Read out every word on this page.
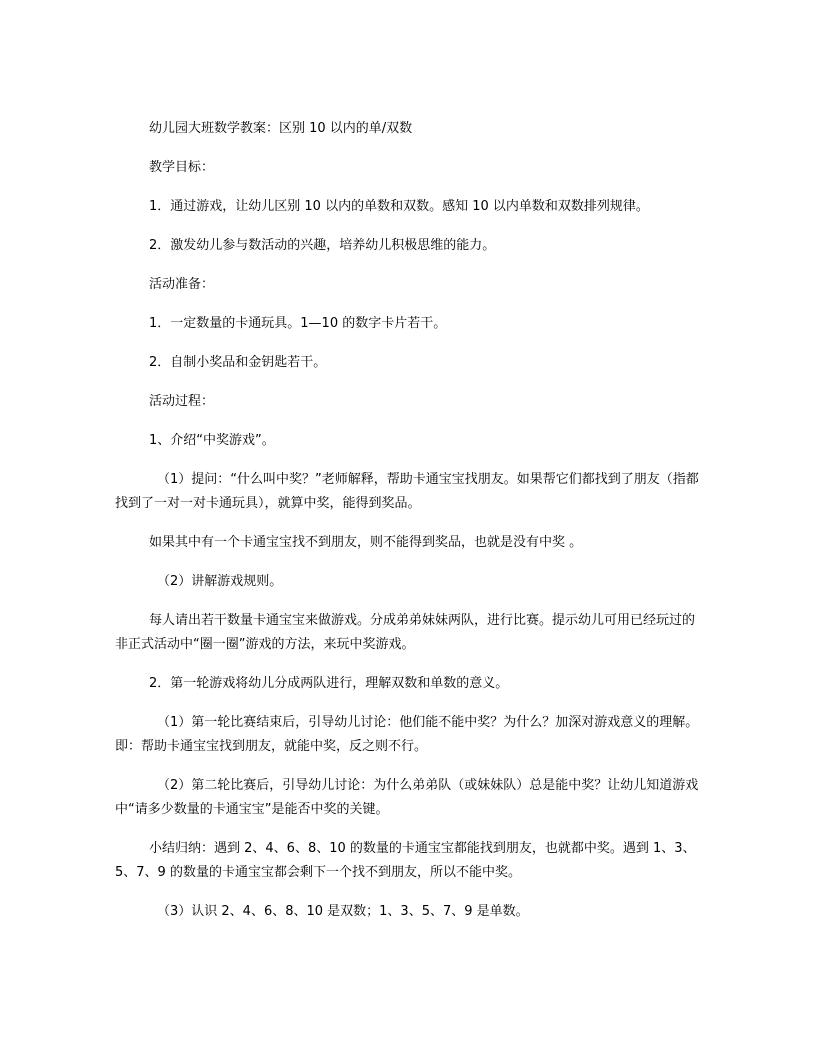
幼儿园大班数学教案：区别 10 以内的单/双数

教学目标：

1．通过游戏，让幼儿区别 10 以内的单数和双数。感知 10 以内单数和双数排列规律。

2．激发幼儿参与数活动的兴趣，培养幼儿积极思维的能力。

活动准备：

1．一定数量的卡通玩具。1—10 的数字卡片若干。

2．自制小奖品和金钥匙若干。

活动过程：

1、介绍“中奖游戏”。

（1）提问：“什么叫中奖？”老师解释，帮助卡通宝宝找朋友。如果帮它们都找到了朋友（指都找到了一对一对卡通玩具），就算中奖，能得到奖品。

如果其中有一个卡通宝宝找不到朋友，则不能得到奖品，也就是没有中奖 。

（2）讲解游戏规则。

每人请出若干数量卡通宝宝来做游戏。分成弟弟妹妹两队，进行比赛。提示幼儿可用已经玩过的非正式活动中“圈一圈”游戏的方法，来玩中奖游戏。

2．第一轮游戏将幼儿分成两队进行，理解双数和单数的意义。

（1）第一轮比赛结束后，引导幼儿讨论：他们能不能中奖？为什么？加深对游戏意义的理解。即：帮助卡通宝宝找到朋友，就能中奖，反之则不行。

（2）第二轮比赛后，引导幼儿讨论：为什么弟弟队（或妹妹队）总是能中奖？让幼儿知道游戏中“请多少数量的卡通宝宝”是能否中奖的关键。

小结归纳：遇到 2、4、6、8、10 的数量的卡通宝宝都能找到朋友，也就都中奖。遇到 1、3、5、7、9 的数量的卡通宝宝都会剩下一个找不到朋友，所以不能中奖。

（3）认识 2、4、6、8、10 是双数；1、3、5、7、9 是单数。
